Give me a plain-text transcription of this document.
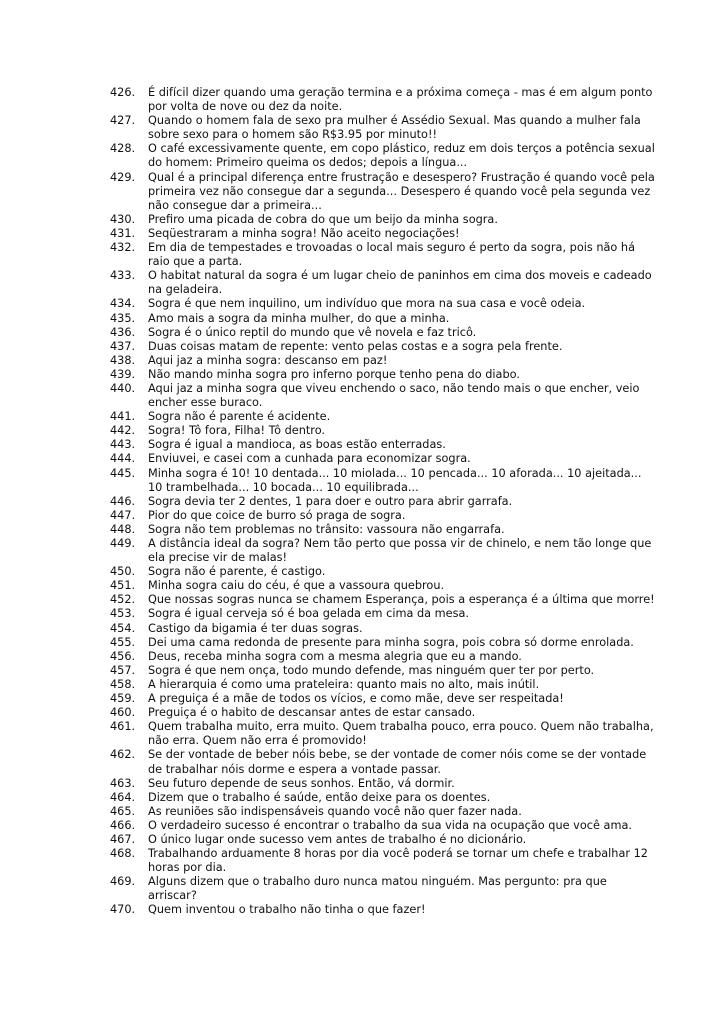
426.	É difícil dizer quando uma geração termina e a próxima começa - mas é em algum ponto por volta de nove ou dez da noite.
427.	Quando o homem fala de sexo pra mulher é Assédio Sexual. Mas quando a mulher fala sobre sexo para o homem são R$3.95 por minuto!!
428.	O café excessivamente quente, em copo plástico, reduz em dois terços a potência sexual do homem: Primeiro queima os dedos; depois a língua...
429.	Qual é a principal diferença entre frustração e desespero? Frustração é quando você pela primeira vez não consegue dar a segunda... Desespero é quando você pela segunda vez não consegue dar a primeira...
430.	Prefiro uma picada de cobra do que um beijo da minha sogra.
431.	Seqüestraram a minha sogra! Não aceito negociações!
432.	Em dia de tempestades e trovoadas o local mais seguro é perto da sogra, pois não há raio que a parta.
433.	O habitat natural da sogra é um lugar cheio de paninhos em cima dos moveis e cadeado na geladeira.
434.	Sogra é que nem inquilino, um indivíduo que mora na sua casa e você odeia.
435.	Amo mais a sogra da minha mulher, do que a minha.
436.	Sogra é o único reptil do mundo que vê novela e faz tricô.
437.	Duas coisas matam de repente: vento pelas costas e a sogra pela frente.
438.	Aqui jaz a minha sogra: descanso em paz!
439.	Não mando minha sogra pro inferno porque tenho pena do diabo.
440.	Aqui jaz a minha sogra que viveu enchendo o saco, não tendo mais o que encher, veio encher esse buraco.
441.	Sogra não é parente é acidente.
442.	Sogra! Tô fora, Filha! Tô dentro.
443.	Sogra é igual a mandioca, as boas estão enterradas.
444.	Enviuvei, e casei com a cunhada para economizar sogra.
445.	Minha sogra é 10! 10 dentada... 10 miolada... 10 pencada... 10 aforada... 10 ajeitada... 10 trambelhada... 10 bocada... 10 equilibrada...
446.	Sogra devia ter 2 dentes, 1 para doer e outro para abrir garrafa.
447.	Pior do que coice de burro só praga de sogra.
448.	Sogra não tem problemas no trânsito: vassoura não engarrafa.
449.	A distância ideal da sogra? Nem tão perto que possa vir de chinelo, e nem tão longe que ela precise vir de malas!
450.	Sogra não é parente, é castigo.
451.	Minha sogra caiu do céu, é que a vassoura quebrou.
452.	Que nossas sogras nunca se chamem Esperança, pois a esperança é a última que morre!
453.	Sogra é igual cerveja só é boa gelada em cima da mesa.
454.	Castigo da bigamia é ter duas sogras.
455.	Dei uma cama redonda de presente para minha sogra, pois cobra só dorme enrolada.
456.	Deus, receba minha sogra com a mesma alegria que eu a mando.
457.	Sogra é que nem onça, todo mundo defende, mas ninguém quer ter por perto.
458.	A hierarquia é como uma prateleira: quanto mais no alto, mais inútil.
459.	A preguiça é a mãe de todos os vícios, e como mãe, deve ser respeitada!
460.	Preguiça é o habito de descansar antes de estar cansado.
461.	Quem trabalha muito, erra muito. Quem trabalha pouco, erra pouco. Quem não trabalha, não erra. Quem não erra é promovido!
462.	Se der vontade de beber nóis bebe, se der vontade de comer nóis come se der vontade de trabalhar nóis dorme e espera a vontade passar.
463.	Seu futuro depende de seus sonhos. Então, vá dormir.
464.	Dizem que o trabalho é saúde, então deixe para os doentes.
465.	As reuniões são indispensáveis quando você não quer fazer nada.
466.	O verdadeiro sucesso é encontrar o trabalho da sua vida na ocupação que você ama.
467.	O único lugar onde sucesso vem antes de trabalho é no dicionário.
468.	Trabalhando arduamente 8 horas por dia você poderá se tornar um chefe e trabalhar 12 horas por dia.
469.	Alguns dizem que o trabalho duro nunca matou ninguém. Mas pergunto: pra que arriscar?
470.	Quem inventou o trabalho não tinha o que fazer!
